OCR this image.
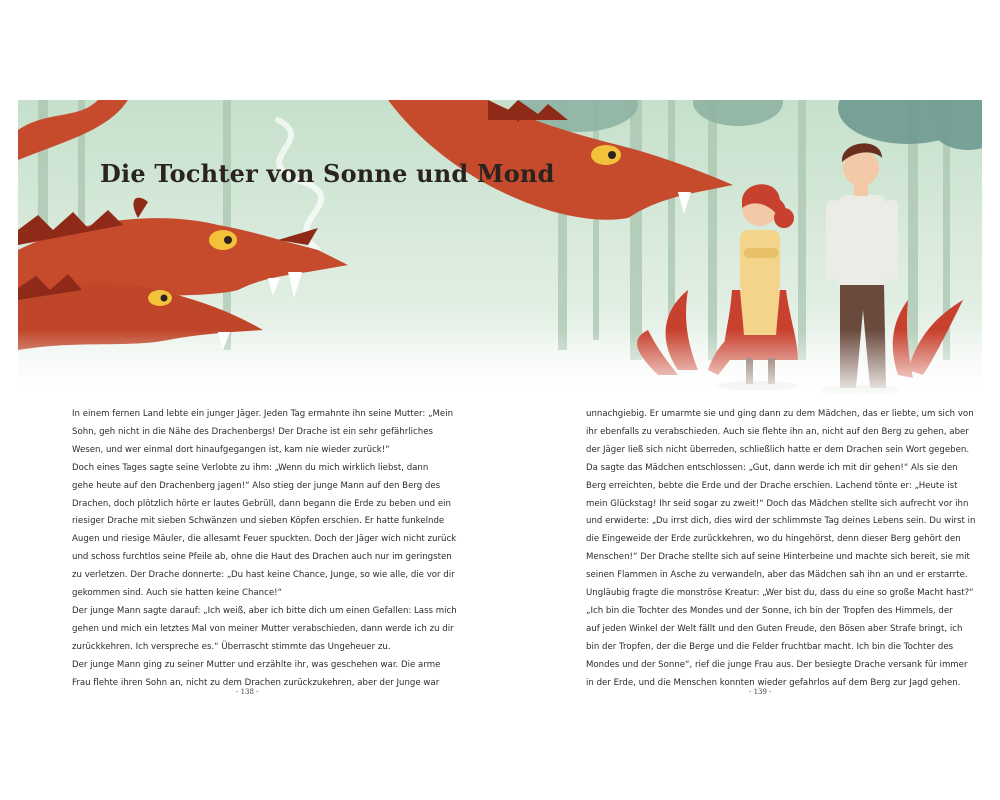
Die Tochter von Sonne und Mond

In einem fernen Land lebte ein junger Jäger. Jeden Tag ermahnte ihn seine Mutter: „Mein

Sohn, geh nicht in die Nähe des Drachenbergs! Der Drache ist ein sehr gefährliches

Wesen, und wer einmal dort hinaufgegangen ist, kam nie wieder zurück!“

Doch eines Tages sagte seine Verlobte zu ihm: „Wenn du mich wirklich liebst, dann

gehe heute auf den Drachenberg jagen!“ Also stieg der junge Mann auf den Berg des

Drachen, doch plötzlich hörte er lautes Gebrüll, dann begann die Erde zu beben und ein

riesiger Drache mit sieben Schwänzen und sieben Köpfen erschien. Er hatte funkelnde

Augen und riesige Mäuler, die allesamt Feuer spuckten. Doch der Jäger wich nicht zurück

und schoss furchtlos seine Pfeile ab, ohne die Haut des Drachen auch nur im geringsten

zu verletzen. Der Drache donnerte: „Du hast keine Chance, Junge, so wie alle, die vor dir

gekommen sind. Auch sie hatten keine Chance!“

Der junge Mann sagte darauf: „Ich weiß, aber ich bitte dich um einen Gefallen: Lass mich

gehen und mich ein letztes Mal von meiner Mutter verabschieden, dann werde ich zu dir

zurückkehren. Ich verspreche es.“ Überrascht stimmte das Ungeheuer zu.

Der junge Mann ging zu seiner Mutter und erzählte ihr, was geschehen war. Die arme

Frau flehte ihren Sohn an, nicht zu dem Drachen zurückzukehren, aber der Junge war

unnachgiebig. Er umarmte sie und ging dann zu dem Mädchen, das er liebte, um sich von

ihr ebenfalls zu verabschieden. Auch sie flehte ihn an, nicht auf den Berg zu gehen, aber

der Jäger ließ sich nicht überreden, schließlich hatte er dem Drachen sein Wort gegeben.

Da sagte das Mädchen entschlossen: „Gut, dann werde ich mit dir gehen!“ Als sie den

Berg erreichten, bebte die Erde und der Drache erschien. Lachend tönte er: „Heute ist

mein Glückstag! Ihr seid sogar zu zweit!“ Doch das Mädchen stellte sich aufrecht vor ihn

und erwiderte: „Du irrst dich, dies wird der schlimmste Tag deines Lebens sein. Du wirst in

die Eingeweide der Erde zurückkehren, wo du hingehörst, denn dieser Berg gehört den

Menschen!“ Der Drache stellte sich auf seine Hinterbeine und machte sich bereit, sie mit

seinen Flammen in Asche zu verwandeln, aber das Mädchen sah ihn an und er erstarrte.

Ungläubig fragte die monströse Kreatur: „Wer bist du, dass du eine so große Macht hast?“

„Ich bin die Tochter des Mondes und der Sonne, ich bin der Tropfen des Himmels, der

auf jeden Winkel der Welt fällt und den Guten Freude, den Bösen aber Strafe bringt, ich

bin der Tropfen, der die Berge und die Felder fruchtbar macht. Ich bin die Tochter des

Mondes und der Sonne“, rief die junge Frau aus. Der besiegte Drache versank für immer

in der Erde, und die Menschen konnten wieder gefahrlos auf dem Berg zur Jagd gehen.

- 138 -	- 139 -
